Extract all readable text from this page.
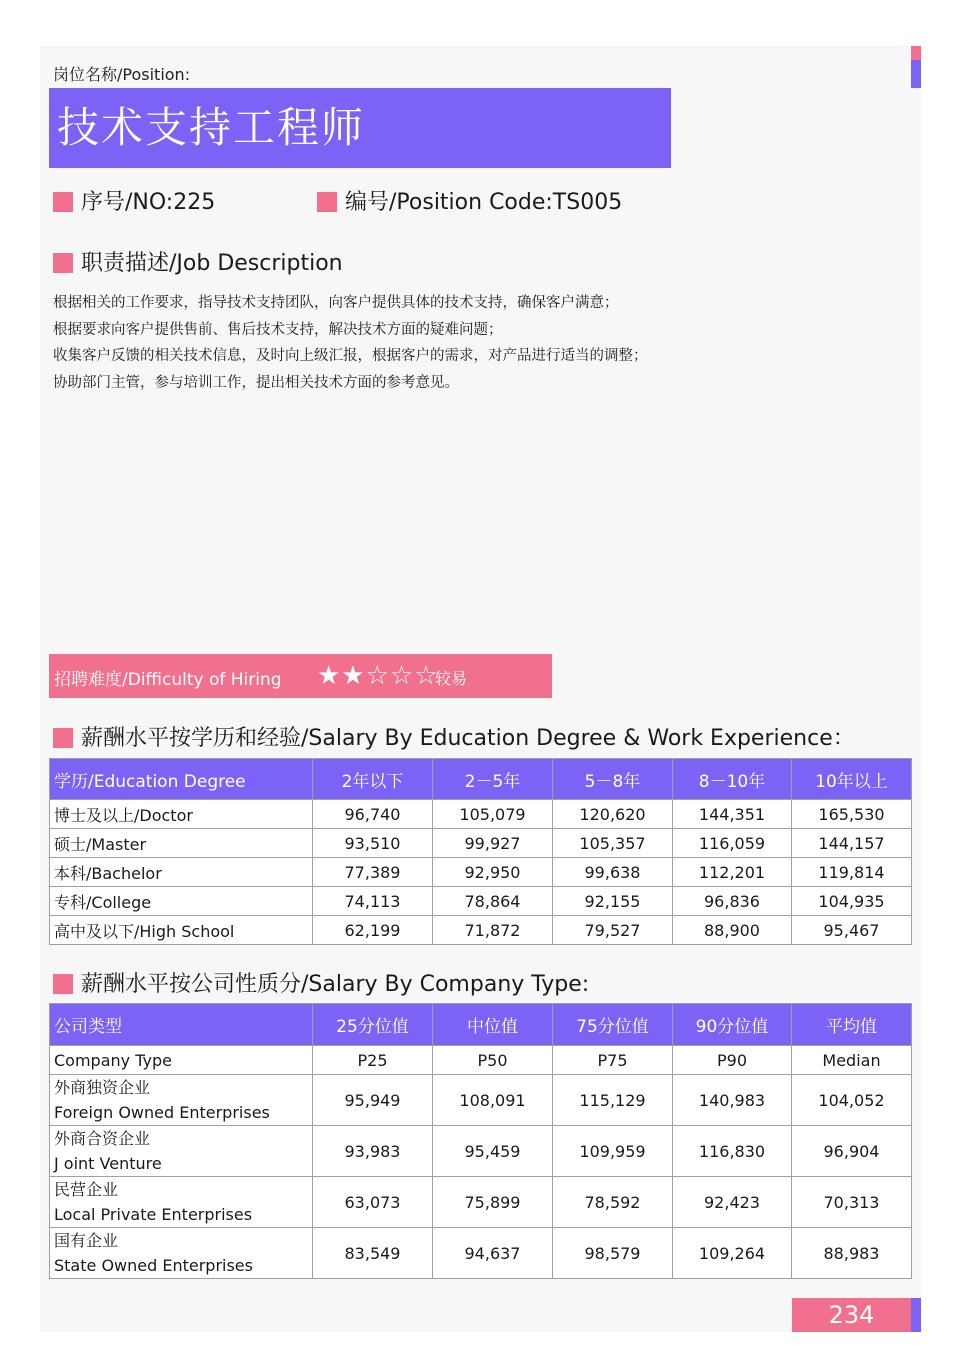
岗位名称/Position:
技术支持工程师
序号/NO:225	编号/Position Code:TS005
职责描述/Job Description
根据相关的工作要求，指导技术支持团队，向客户提供具体的技术支持，确保客户满意；
根据要求向客户提供售前、售后技术支持，解决技术方面的疑难问题；
收集客户反馈的相关技术信息，及时向上级汇报，根据客户的需求，对产品进行适当的调整；
协助部门主管，参与培训工作，提出相关技术方面的参考意见。
招聘难度/Difficulty of Hiring ★★☆☆☆
较易
薪酬水平按学历和经验/Salary By Education Degree & Work Experience：
学历/Education Degree	2年以下	2－5年	5－8年	8－10年	10年以上
博士及以上/Doctor	96,740	105,079	120,620	144,351	165,530
硕士/Master	93,510	99,927	105,357	116,059	144,157
本科/Bachelor	77,389	92,950	99,638	112,201	119,814
专科/College	74,113	78,864	92,155	96,836	104,935
高中及以下/High School	62,199	71,872	79,527	88,900	95,467
薪酬水平按公司性质分/Salary By Company Type:
公司类型	25分位值	中位值	75分位值	90分位值	平均值
Company Type	P25	P50	P75	P90	Median

外商独资企业
Foreign Owned Enterprises	95,949	108,091	115,129	140,983	104,052

外商合资企业
J oint Venture	93,983	95,459	109,959	116,830	96,904

民营企业
Local Private Enterprises	63,073	75,899	78,592	92,423	70,313

国有企业
State Owned Enterprises	83,549	94,637	98,579	109,264	88,983
234
